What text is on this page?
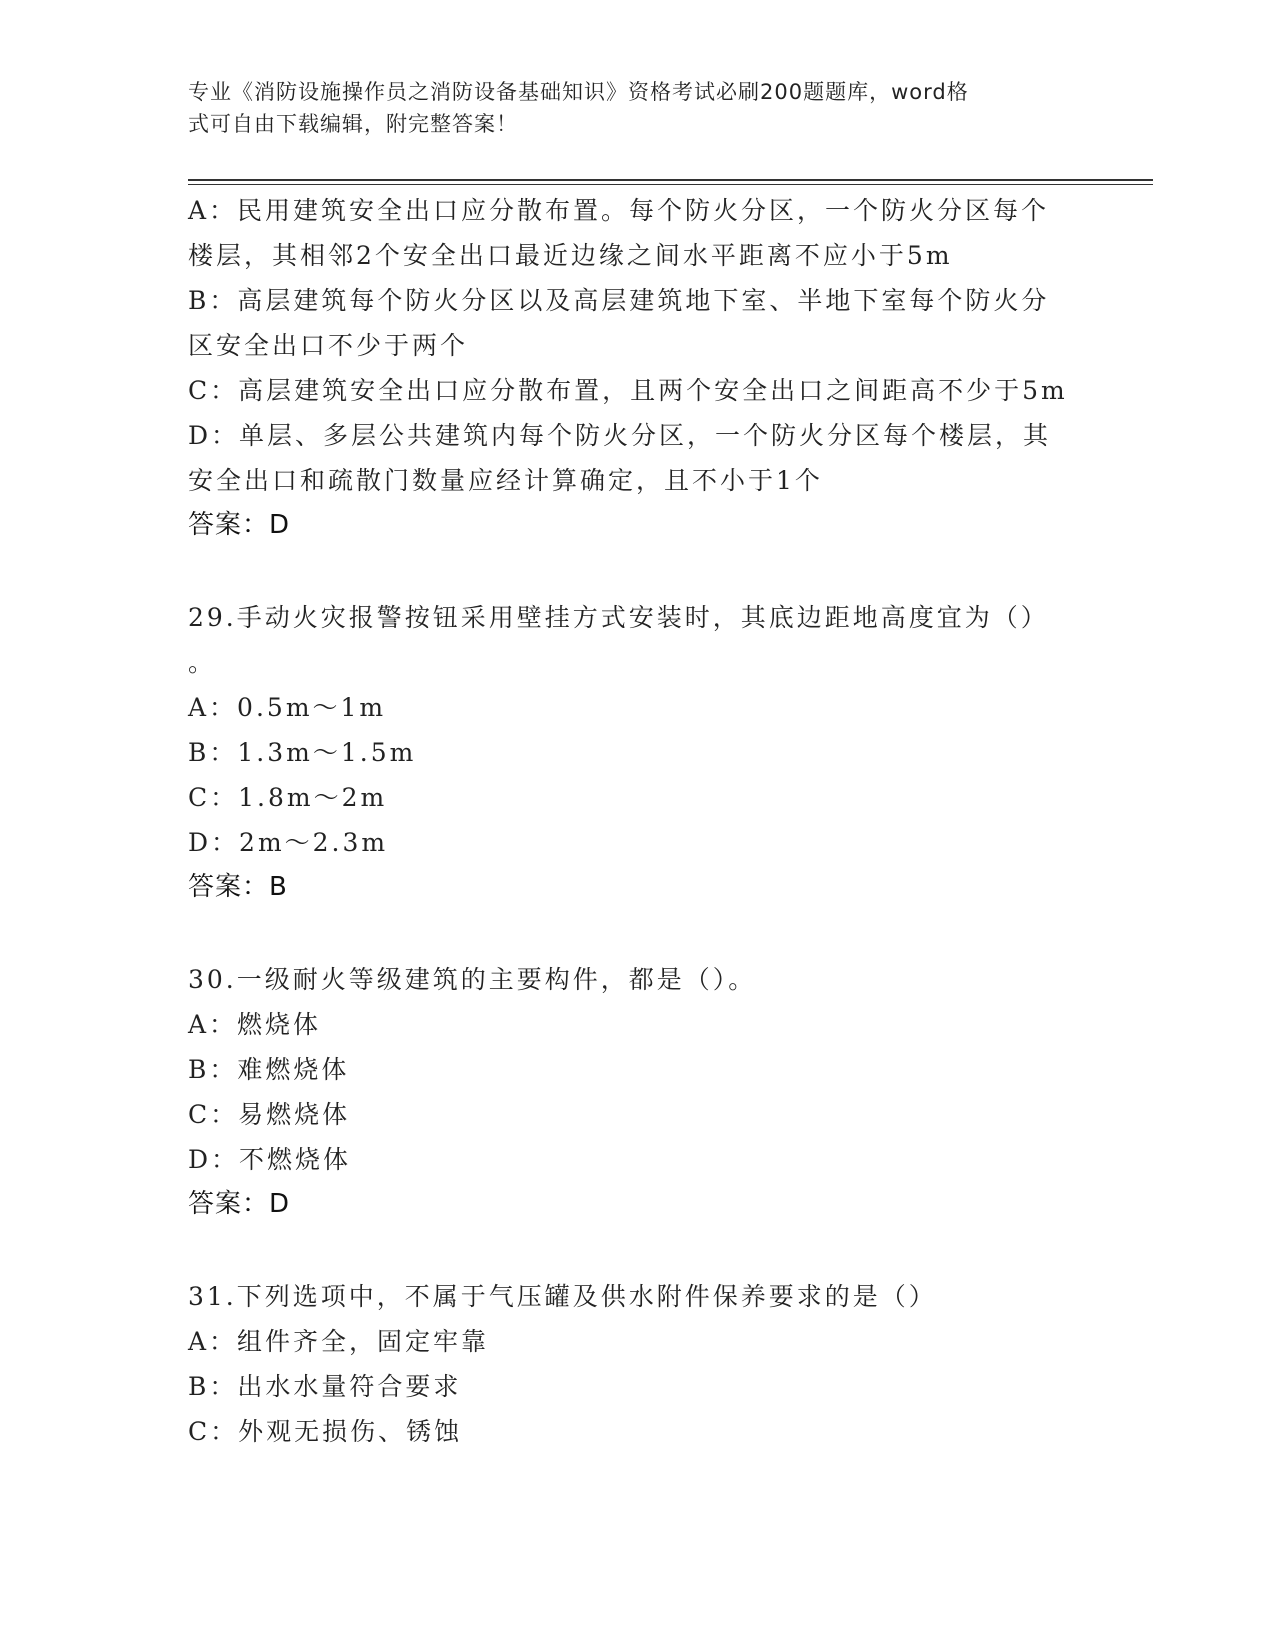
专业《消防设施操作员之消防设备基础知识》资格考试必刷200题题库，word格
式可自由下载编辑，附完整答案！
A：民用建筑安全出口应分散布置。每个防火分区，一个防火分区每个
楼层，其相邻2个安全出口最近边缘之间水平距离不应小于5m
B：高层建筑每个防火分区以及高层建筑地下室、半地下室每个防火分
区安全出口不少于两个
C：高层建筑安全出口应分散布置，且两个安全出口之间距高不少于5m
D：单层、多层公共建筑内每个防火分区，一个防火分区每个楼层，其
安全出口和疏散门数量应经计算确定，且不小于1个
答案：D
29.手动火灾报警按钮采用壁挂方式安装时，其底边距地高度宜为（）
。
A：0.5m～1m
B：1.3m～1.5m
C：1.8m～2m
D：2m～2.3m
答案：B
30.一级耐火等级建筑的主要构件，都是（）。
A：燃烧体
B：难燃烧体
C：易燃烧体
D：不燃烧体
答案：D
31.下列选项中，不属于气压罐及供水附件保养要求的是（）
A：组件齐全，固定牢靠
B：出水水量符合要求
C：外观无损伤、锈蚀
